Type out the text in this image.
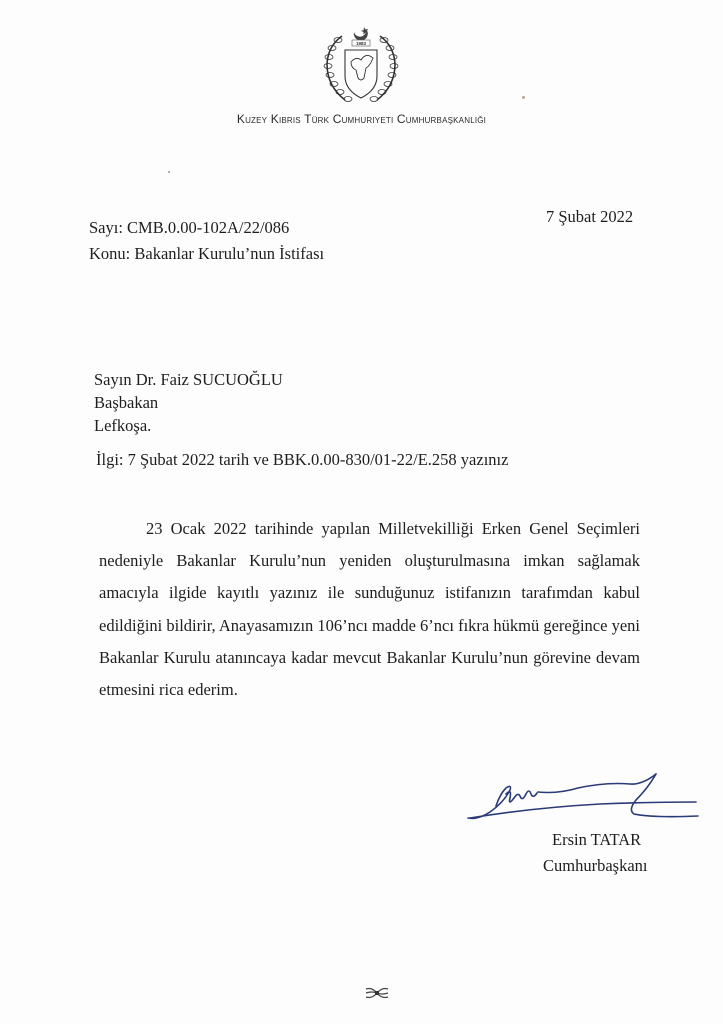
1983
Kuzey Kıbrıs Türk Cumhuriyeti Cumhurbaşkanlığı
Sayı: CMB.0.00-102A/22/086
Konu: Bakanlar Kurulu’nun İstifası
7 Şubat 2022
Sayın Dr. Faiz SUCUOĞLU
Başbakan
Lefkoşa.
İlgi: 7 Şubat 2022 tarih ve BBK.0.00-830/01-22/E.258 yazınız
23 Ocak 2022 tarihinde yapılan Milletvekilliği Erken Genel Seçimleri nedeniyle Bakanlar Kurulu’nun yeniden oluşturulmasına imkan sağlamak amacıyla ilgide kayıtlı yazınız ile sunduğunuz istifanızın tarafımdan kabul edildiğini bildirir, Anayasamızın 106’ncı madde 6’ncı fıkra hükmü gereğince yeni Bakanlar Kurulu atanıncaya kadar mevcut Bakanlar Kurulu’nun görevine devam etmesini rica ederim.
Ersin TATAR
Cumhurbaşkanı
